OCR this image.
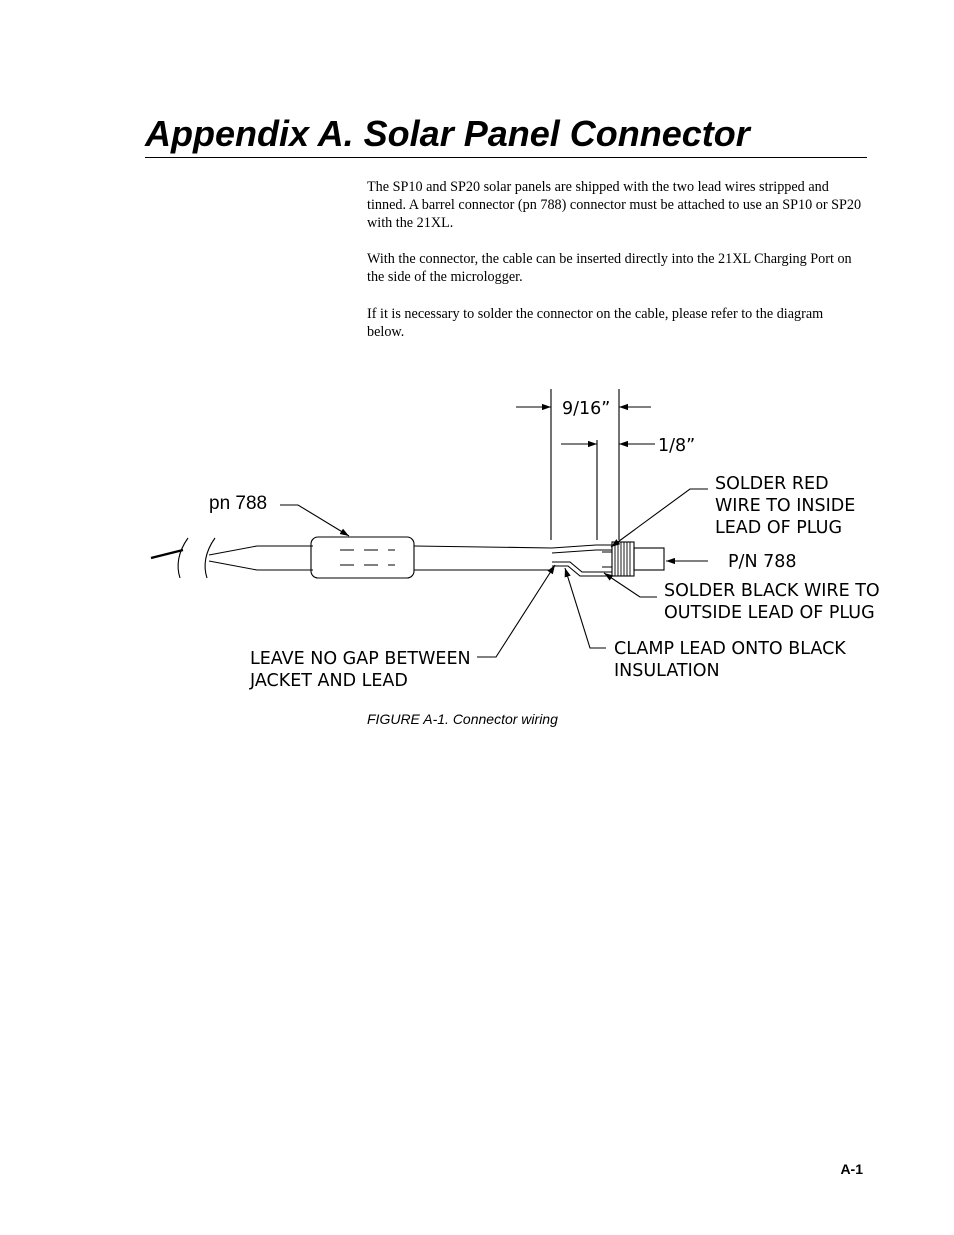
Appendix A. Solar Panel Connector

The SP10 and SP20 solar panels are shipped with the two lead wires stripped and tinned. A barrel connector (pn 788) connector must be attached to use an SP10 or SP20 with the 21XL.

With the connector, the cable can be inserted directly into the 21XL Charging Port on the side of the micrologger.

If it is necessary to solder the connector on the cable, please refer to the diagram below.

pn 788
9/16”
1/8”
SOLDER RED
WIRE TO INSIDE
LEAD OF PLUG
P/N 788
SOLDER BLACK WIRE TO
OUTSIDE LEAD OF PLUG
LEAVE NO GAP BETWEEN
JACKET AND LEAD
CLAMP LEAD ONTO BLACK
INSULATION

FIGURE A-1. Connector wiring

A-1
